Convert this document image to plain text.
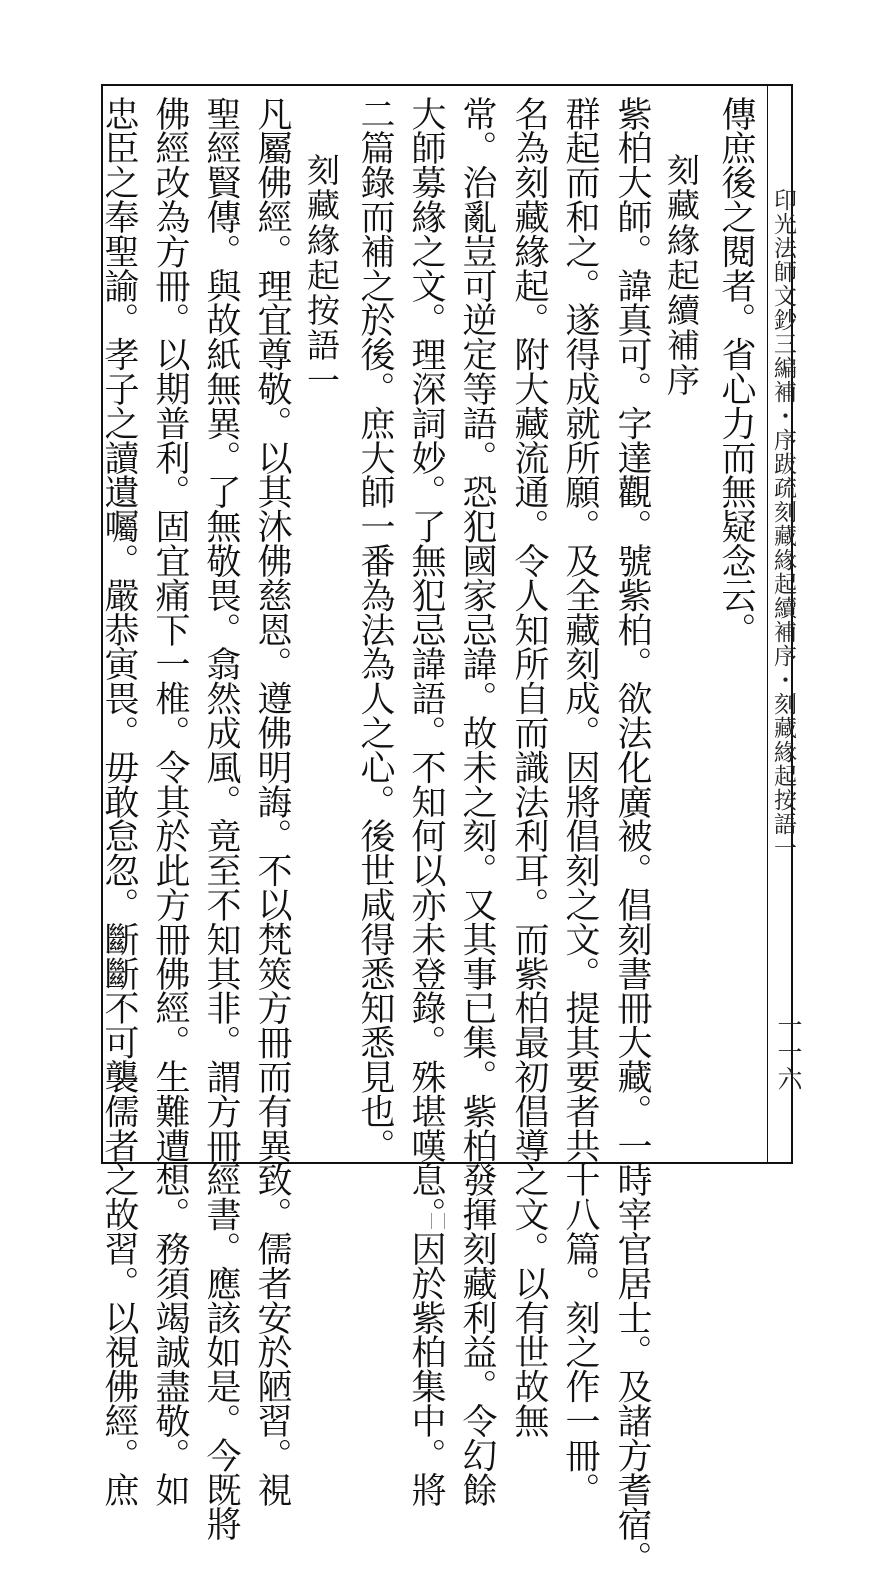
印光法師文鈔三編補・序跋疏
刻藏緣起續補序・刻藏緣起按語一
一一六
傳庶後之閱者。省心力而無疑念云。
刻藏緣起續補序
紫柏大師。諱真可。字達觀。號紫柏。欲法化廣被。倡刻書冊大藏。一時宰官居士。及諸方耆宿。
群起而和之。遂得成就所願。及全藏刻成。因將倡刻之文。提其要者共十八篇。刻之作一冊。
名為刻藏緣起。附大藏流通。令人知所自而識法利耳。而紫柏最初倡導之文。以有世故無
常。治亂豈可逆定等語。恐犯國家忌諱。故未之刻。又其事已集。紫柏發揮刻藏利益。令幻餘
大師募緣之文。理深詞妙。了無犯忌諱語。不知何以亦未登錄。殊堪嘆息。因於紫柏集中。將
二篇錄而補之於後。庶大師一番為法為人之心。後世咸得悉知悉見也。
刻藏緣起按語一
凡屬佛經。理宜尊敬。以其沐佛慈恩。遵佛明誨。不以梵筴方冊而有異致。儒者安於陋習。視
聖經賢傳。與故紙無異。了無敬畏。翕然成風。竟至不知其非。謂方冊經書。應該如是。今既將
佛經改為方冊。以期普利。固宜痛下一椎。令其於此方冊佛經。生難遭想。務須竭誠盡敬。如
忠臣之奉聖諭。孝子之讀遺囑。嚴恭寅畏。毋敢怠忽。斷斷不可襲儒者之故習。以視佛經。庶
